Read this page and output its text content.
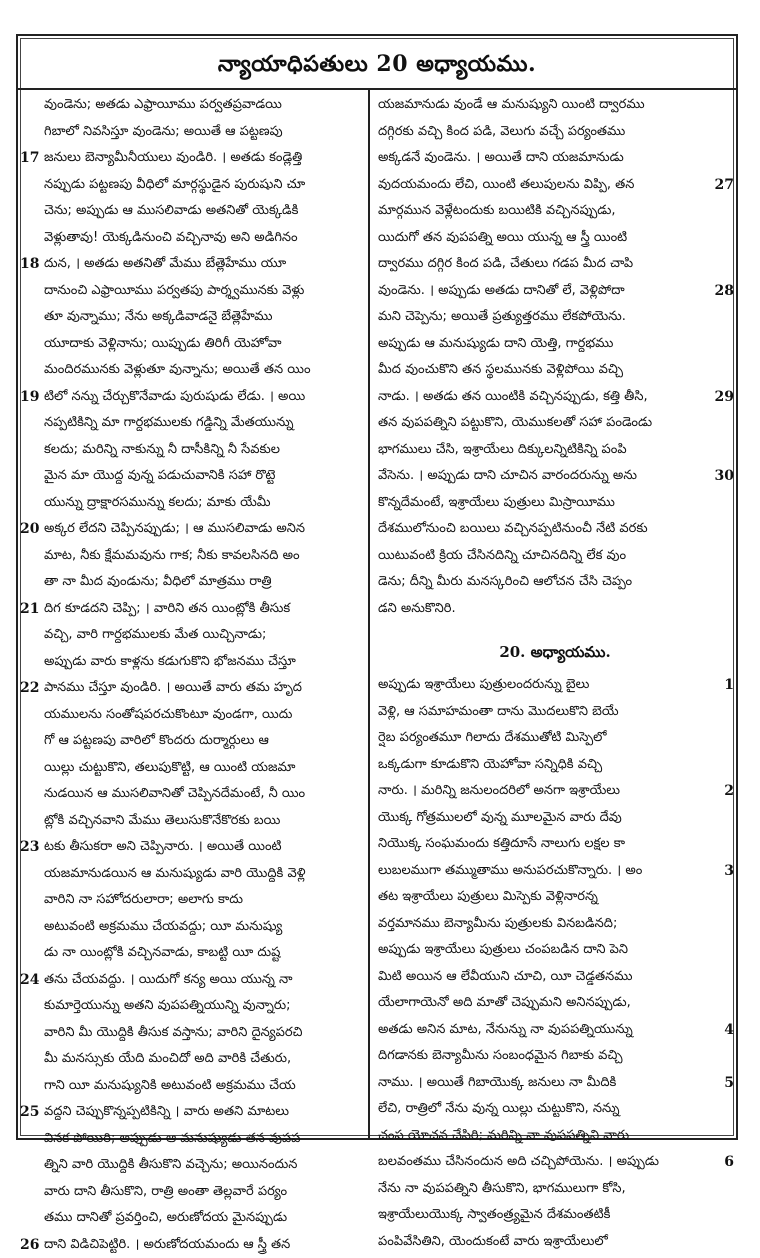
న్యాయాధిపతులు 20 అధ్యాయము.
వుండెను; అతడు ఎఫ్రాయీము పర్వతప్రవాడయి
గిబాలో నివసిస్తూ వుండెను; అయితే ఆ పట్టణపు
17 జనులు బెన్యామీనీయులు వుండిరి. । అతడు కండ్లెత్తి
నప్పుడు పట్టణపు వీధిలో మార్గస్థుడైన పురుషుని చూ
చెను; అప్పుడు ఆ ముసలివాడు అతనితో యెక్కడికి
వెళ్లుతావు! యెక్కడినుంచి వచ్చినావు అని అడిగినం
18 దున, । అతడు అతనితో మేము బేత్లెహేము యూ
దానుంచి ఎఫ్రాయీము పర్వతపు పార్శ్వమునకు వెళ్లు
తూ వున్నాము; నేను అక్కడివాడనై బేత్లెహేము
యూదాకు వెళ్లినాను; యిప్పుడు తిరిగీ యెహోవా
మందిరమునకు వెళ్లుతూ వున్నాను; అయితే తన యిం
19 టిలో నన్ను చేర్చుకొనేవాడు పురుషుడు లేడు. । అయి
నప్పటికిన్ని మా గార్దభములకు గడ్డిన్ని మేతయున్ను
కలదు; మరిన్ని నాకున్ను నీ దాసీకిన్ని నీ సేవకుల
మైన మా యొద్ద వున్న పడుచువానికి సహా రొట్టె
యున్ను ద్రాక్షారసమున్ను కలదు; మాకు యేమీ
20 అక్కర లేదని చెప్పినప్పుడు; । ఆ ముసలివాడు అనిన
మాట, నీకు క్షేమమవును గాక; నీకు కావలసినది అం
తా నా మీద వుండును; వీధిలో మాత్రము రాత్రి
21 దిగ కూడదని చెప్పి; । వారిని తన యింట్లోకి తీసుక
వచ్చి, వారి గార్దభములకు మేత యిచ్చినాడు;
అప్పుడు వారు కాళ్లను కడుగుకొని భోజనము చేస్తూ
22 పానము చేస్తూ వుండిరి. । అయితే వారు తమ హృద
యములను సంతోషపరచుకొంటూ వుండగా, యిదు
గో ఆ పట్టణపు వారిలో కొందరు దుర్మార్గులు ఆ
యిల్లు చుట్టుకొని, తలుపుకొట్టి, ఆ యింటి యజమా
నుడయిన ఆ ముసలివానితో చెప్పినదేమంటే, నీ యిం
ట్లోకి వచ్చినవాని మేము తెలుసుకొనేకొరకు బయి
23 టకు తీసుకరా అని చెప్పినారు. । అయితే యింటి
యజమానుడయిన ఆ మనుష్యుడు వారి యొద్దికి వెళ్లి
వారిని నా సహోదరులారా; అలాగు కాదు
అటువంటి అక్రమము చేయవద్దు; యీ మనుష్యు
డు నా యింట్లోకి వచ్చినవాడు, కాబట్టి యీ దుష్ట
24 తను చేయవద్దు. । యిదుగో కన్య అయి యున్న నా
కుమార్తెయున్ను అతని వుపపత్నియున్ని వున్నారు;
వారిని మీ యొద్దికి తీసుక వస్తాను; వారిని దైన్యపరచి
మీ మనస్సుకు యేది మంచిదో అది వారికి చేతురు,
గాని యీ మనుష్యునికి అటువంటి అక్రమము చేయ
25 వద్దని చెప్పుకొన్నప్పటికిన్ని । వారు అతని మాటలు
వినక పోయిరి; అప్పుడు ఆ మనుష్యుడు తన వుపప
త్నిని వారి యొద్దికి తీసుకొని వచ్చెను; అయినందున
వారు దాని తీసుకొని, రాత్రి అంతా తెల్లవారే పర్యం
తము దానితో ప్రవర్తించి, అరుణోదయ మైనప్పుడు
26 దాని విడిచిపెట్టిరి. । అరుణోదయమందు ఆ స్త్రీ తన
యజమానుడు వుండే ఆ మనుష్యుని యింటి ద్వారము
దగ్గిరకు వచ్చి కింద పడి, వెలుగు వచ్చే పర్యంతము
అక్కడనే వుండెను. । అయితే దాని యజమానుడు
27
వుదయమందు లేచి, యింటి తలుపులను విప్పి, తన
మార్గమున వెళ్లేటందుకు బయిటికి వచ్చినప్పుడు,
యిదుగో తన వుపపత్ని అయి యున్న ఆ స్త్రీ యింటి
ద్వారము దగ్గిర కింద పడి, చేతులు గడప మీద చాపి
28
వుండెను. । అప్పుడు అతడు దానితో లే, వెళ్లిపోదా
మని చెప్పెను; అయితే ప్రత్యుత్తరము లేకపోయెను.
అప్పుడు ఆ మనుష్యుడు దాని యెత్తి, గార్దభము
మీద వుంచుకొని తన స్థలమునకు వెళ్లిపోయి వచ్చి
29
నాడు. । అతడు తన యింటికి వచ్చినప్పుడు, కత్తి తీసి,
తన వుపపత్నిని పట్టుకొని, యెముకలతో సహా పండెండు
భాగములు చేసి, ఇశ్రాయేలు దిక్కులన్నిటికిన్ని పంపి
30
వేసెను. । అప్పుడు దాని చూచిన వారందరున్ను అను
కొన్నదేమంటే, ఇశ్రాయేలు పుత్రులు మిస్రాయీము
దేశములోనుంచి బయిలు వచ్చినప్పటినుంచీ నేటి వరకు
యిటువంటి క్రియ చేసినదిన్ని చూచినదిన్ని లేక వుం
డెను; దీన్ని మీరు మనస్కరించి ఆలోచన చేసి చెప్పం
డని అనుకొనిరి.
20. అధ్యాయము.
1
అప్పుడు ఇశ్రాయేలు పుత్రులందరున్ను బైలు
వెళ్లి, ఆ సమాహమంతా దాను మొదలుకొని బెయే
ర్షెబ పర్యంతమూ గిలాదు దేశముతోటి మిస్పెలో
ఒక్కడుగా కూడుకొని యెహోవా సన్నిధికి వచ్చి
2
నారు. । మరిన్ని జనులందరిలో అనగా ఇశ్రాయేలు
యొక్క గోత్రములలో వున్న మూలమైన వారు దేవు
నియొక్క సంఘమందు కత్తిదూసే నాలుగు లక్షల కా
3
లుబలముగా తమ్ముతాము అనుపరచుకొన్నారు. । అం
తట ఇశ్రాయేలు పుత్రులు మిస్పెకు వెళ్లినారన్న
వర్తమానము బెన్యామీను పుత్రులకు వినబడినది;
అప్పుడు ఇశ్రాయేలు పుత్రులు చంపబడిన దాని పెని
మిటి అయిన ఆ లేవీయుని చూచి, యీ చెడ్డతనము
యేలాగాయెనో అది మాతో చెప్పుమని అనినప్పుడు,
4
అతడు అనిన మాట, నేనున్ను నా వుపపత్నియున్ను
దిగడానకు బెన్యామీను సంబంధమైన గిబాకు వచ్చి
5
నాము. । అయితే గిబాయొక్క జనులు నా మీదికి
లేచి, రాత్రిలో నేను వున్న యిల్లు చుట్టుకొని, నన్ను
చంప యోచన చేసిరి; మరిన్ని నా వుపపత్నిని వారు
6
బలవంతము చేసినందున అది చచ్చిపోయెను. । అప్పుడు
నేను నా వుపపత్నిని తీసుకొని, భాగములుగా కోసి,
ఇశ్రాయేలుయొక్క స్వాతంత్ర్యమైన దేశమంతటికీ
పంపివేసితిని, యెందుకంటే వారు ఇశ్రాయేలులో
